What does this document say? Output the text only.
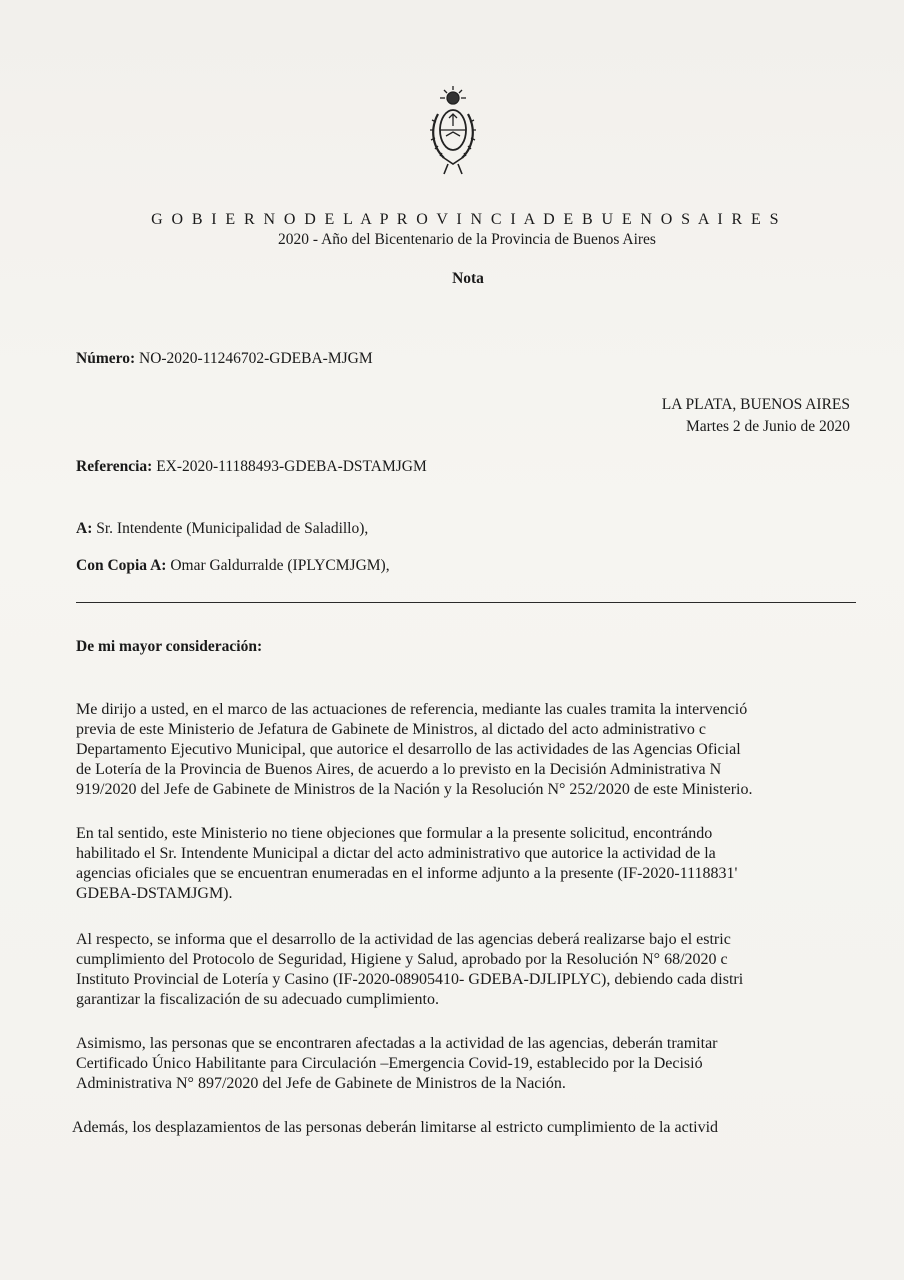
G O B I E R N O D E L A P R O V I N C I A D E B U E N O S A I R E S
2020 - Año del Bicentenario de la Provincia de Buenos Aires
Nota
Número: NO-2020-11246702-GDEBA-MJGM
LA PLATA, BUENOS AIRES
Martes 2 de Junio de 2020
Referencia: EX-2020-11188493-GDEBA-DSTAMJGM
A: Sr. Intendente (Municipalidad de Saladillo),
Con Copia A: Omar Galdurralde (IPLYCMJGM),
De mi mayor consideración:
Me dirijo a usted, en el marco de las actuaciones de referencia, mediante las cuales tramita la intervenció
previa de este Ministerio de Jefatura de Gabinete de Ministros, al dictado del acto administrativo c
Departamento Ejecutivo Municipal, que autorice el desarrollo de las actividades de las Agencias Oficial
de Lotería de la Provincia de Buenos Aires, de acuerdo a lo previsto en la Decisión Administrativa N
919/2020 del Jefe de Gabinete de Ministros de la Nación y la Resolución N° 252/2020 de este Ministerio.
En tal sentido, este Ministerio no tiene objeciones que formular a la presente solicitud, encontrándo
habilitado el Sr. Intendente Municipal a dictar del acto administrativo que autorice la actividad de la
agencias oficiales que se encuentran enumeradas en el informe adjunto a la presente (IF-2020-1118831'
GDEBA-DSTAMJGM).
Al respecto, se informa que el desarrollo de la actividad de las agencias deberá realizarse bajo el estric
cumplimiento del Protocolo de Seguridad, Higiene y Salud, aprobado por la Resolución N° 68/2020 c
Instituto Provincial de Lotería y Casino (IF-2020-08905410- GDEBA-DJLIPLYC), debiendo cada distri
garantizar la fiscalización de su adecuado cumplimiento.
Asimismo, las personas que se encontraren afectadas a la actividad de las agencias, deberán tramitar
Certificado Único Habilitante para Circulación –Emergencia Covid-19, establecido por la Decisió
Administrativa N° 897/2020 del Jefe de Gabinete de Ministros de la Nación.
Además, los desplazamientos de las personas deberán limitarse al estricto cumplimiento de la activid
